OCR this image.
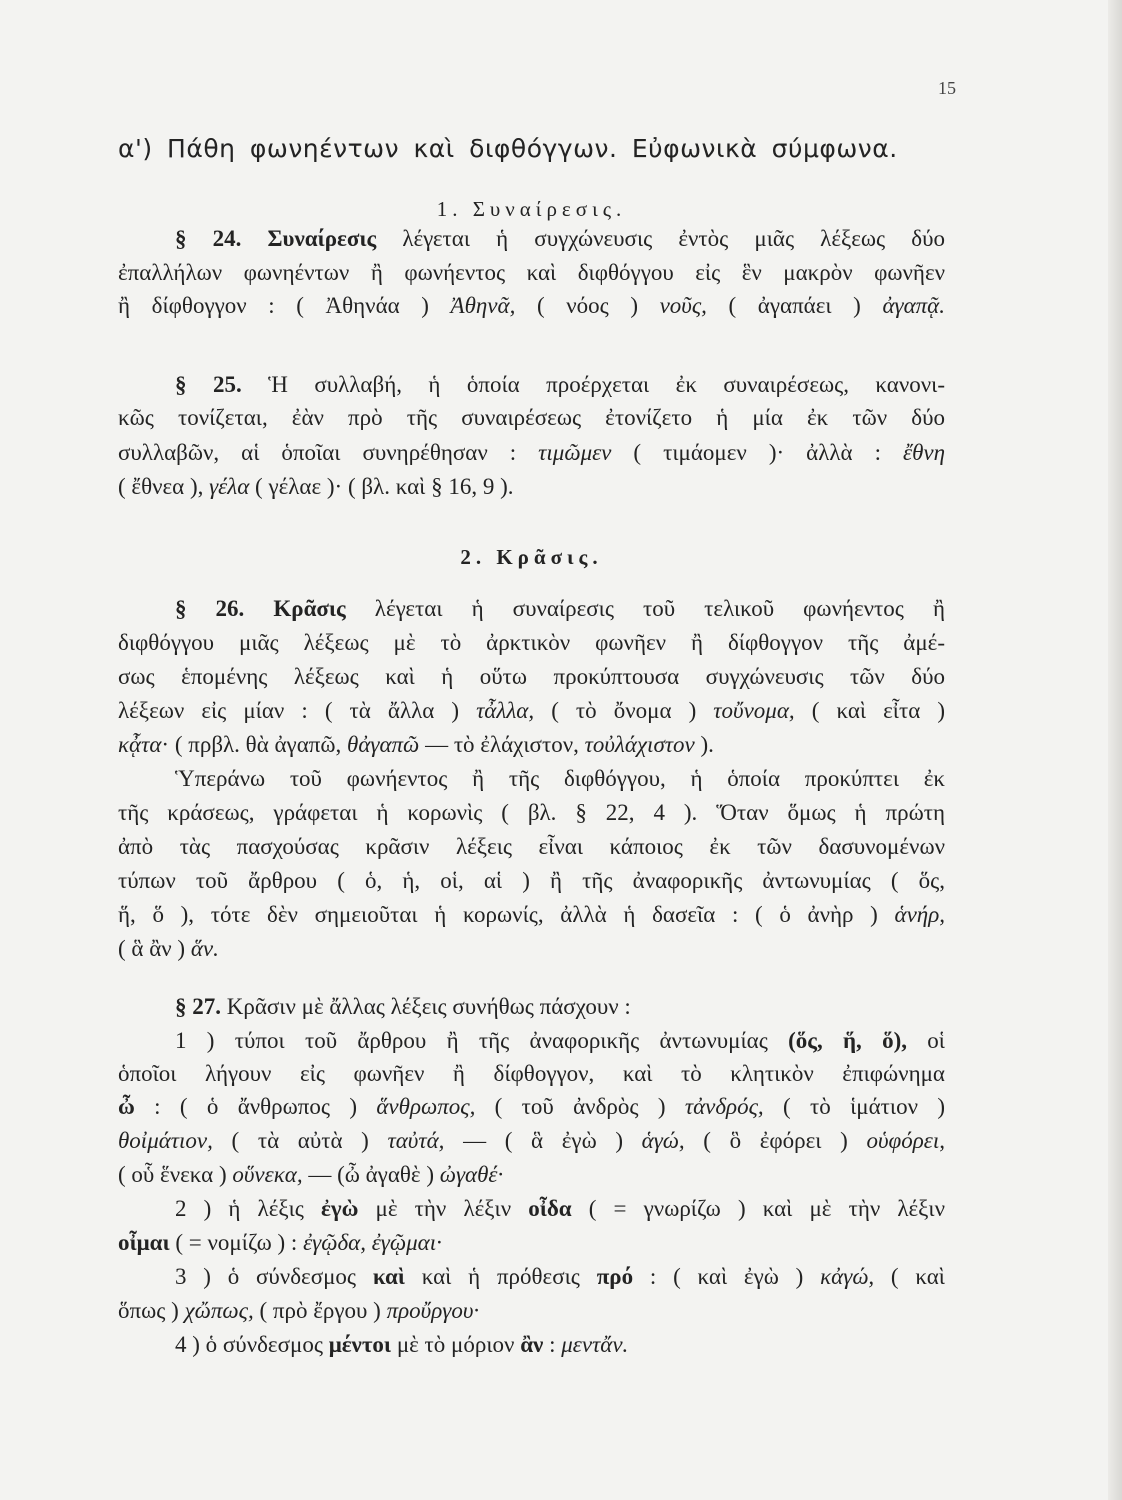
15
α') Πάθη φωνηέντων καὶ διφθόγγων. Εὐφωνικὰ σύμφωνα.
1. Συναίρεσις.
§ 24. Συναίρεσις λέγεται ἡ συγχώνευσις ἐντὸς μιᾶς λέξεως δύο
ἐπαλλήλων φωνηέντων ἢ φωνήεντος καὶ διφθόγγου εἰς ἓν μακρὸν φωνῆεν
ἢ δίφθογγον : ( Ἀθηνάα ) Ἀθηνᾶ, ( νόος ) νοῦς, ( ἀγαπάει ) ἀγαπᾷ.
§ 25. Ἡ συλλαβή, ἡ ὁποία προέρχεται ἐκ συναιρέσεως, κανονι-
κῶς τονίζεται, ἐὰν πρὸ τῆς συναιρέσεως ἐτονίζετο ἡ μία ἐκ τῶν δύο
συλλαβῶν, αἱ ὁποῖαι συνηρέθησαν : τιμῶμεν ( τιμάομεν )· ἀλλὰ : ἔθνη
( ἔθνεα ), γέλα ( γέλαε )· ( βλ. καὶ § 16, 9 ).
2. Κρᾶσις.
§ 26. Κρᾶσις λέγεται ἡ συναίρεσις τοῦ τελικοῦ φωνήεντος ἢ
διφθόγγου μιᾶς λέξεως μὲ τὸ ἀρκτικὸν φωνῆεν ἢ δίφθογγον τῆς ἀμέ-
σως ἑπομένης λέξεως καὶ ἡ οὕτω προκύπτουσα συγχώνευσις τῶν δύο
λέξεων εἰς μίαν : ( τὰ ἄλλα ) τἆλλα, ( τὸ ὄνομα ) τοὔνομα, ( καὶ εἶτα )
κᾆτα· ( πρβλ. θὰ ἀγαπῶ, θἀγαπῶ — τὸ ἐλάχιστον, τοὐλάχιστον ).
Ὑπεράνω τοῦ φωνήεντος ἢ τῆς διφθόγγου, ἡ ὁποία προκύπτει ἐκ
τῆς κράσεως, γράφεται ἡ κορωνὶς ( βλ. § 22, 4 ). Ὅταν ὅμως ἡ πρώτη
ἀπὸ τὰς πασχούσας κρᾶσιν λέξεις εἶναι κάποιος ἐκ τῶν δασυνομένων
τύπων τοῦ ἄρθρου ( ὁ, ἡ, οἱ, αἱ ) ἢ τῆς ἀναφορικῆς ἀντωνυμίας ( ὅς,
ἥ, ὅ ), τότε δὲν σημειοῦται ἡ κορωνίς, ἀλλὰ ἡ δασεῖα : ( ὁ ἀνὴρ ) ἁνήρ,
( ἃ ἂν ) ἅν.
§ 27. Κρᾶσιν μὲ ἄλλας λέξεις συνήθως πάσχουν :
1 ) τύποι τοῦ ἄρθρου ἢ τῆς ἀναφορικῆς ἀντωνυμίας (ὅς, ἥ, ὅ), οἱ
ὁποῖοι λήγουν εἰς φωνῆεν ἢ δίφθογγον, καὶ τὸ κλητικὸν ἐπιφώνημα
ὦ : ( ὁ ἄνθρωπος ) ἅνθρωπος, ( τοῦ ἀνδρὸς ) τἀνδρός, ( τὸ ἱμάτιον )
θοἰμάτιον, ( τὰ αὐτὰ ) ταὐτά, — ( ἃ ἐγὼ ) ἁγώ, ( ὃ ἐφόρει ) οὑφόρει,
( οὗ ἕνεκα ) οὕνεκα, — (ὦ ἀγαθὲ ) ὠγαθέ·
2 ) ἡ λέξις ἐγὼ μὲ τὴν λέξιν οἶδα ( = γνωρίζω ) καὶ μὲ τὴν λέξιν
οἶμαι ( = νομίζω ) : ἐγῷδα, ἐγῷμαι·
3 ) ὁ σύνδεσμος καὶ καὶ ἡ πρόθεσις πρό : ( καὶ ἐγὼ ) κἀγώ, ( καὶ
ὅπως ) χὤπως, ( πρὸ ἔργου ) προὔργου·
4 ) ὁ σύνδεσμος μέντοι μὲ τὸ μόριον ἂν : μεντἄν.
